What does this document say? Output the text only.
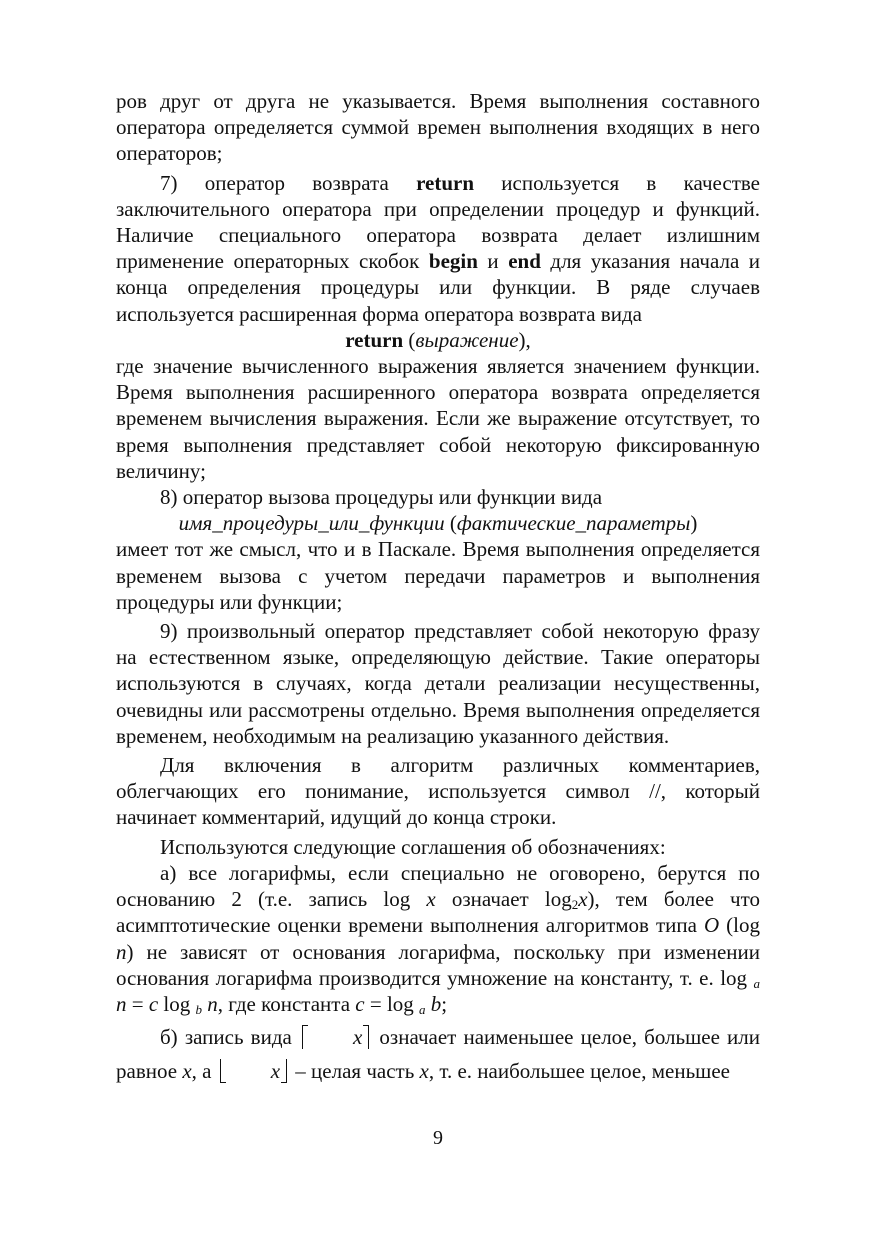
ров друг от друга не указывается. Время выполнения составного оператора определяется суммой времен выполнения входящих в него операторов;

7) оператор возврата return используется в качестве заключительного оператора при определении процедур и функций. Наличие специального оператора возврата делает излишним применение операторных скобок begin и end для указания начала и конца определения процедуры или функции. В ряде случаев используется расширенная форма оператора возврата вида

return (выражение),

где значение вычисленного выражения является значением функции. Время выполнения расширенного оператора возврата определяется временем вычисления выражения. Если же выражение отсутствует, то время выполнения представляет собой некоторую фиксированную величину;

8) оператор вызова процедуры или функции вида

имя_процедуры_или_функции (фактические_параметры)

имеет тот же смысл, что и в Паскале. Время выполнения определяется временем вызова с учетом передачи параметров и выполнения процедуры или функции;

9) произвольный оператор представляет собой некоторую фразу на естественном языке, определяющую действие. Такие операторы используются в случаях, когда детали реализации несущественны, очевидны или рассмотрены отдельно. Время выполнения определяется временем, необходимым на реализацию указанного действия.

Для включения в алгоритм различных комментариев, облегчающих его понимание, используется символ //, который начинает комментарий, идущий до конца строки.

Используются следующие соглашения об обозначениях:

а) все логарифмы, если специально не оговорено, берутся по основанию 2 (т.е. запись log x означает $\log_2x$), тем более что асимптотические оценки времени выполнения алгоритмов типа O (log n) не зависят от основания логарифма, поскольку при изменении основания логарифма производится умножение на константу, т. е. log $_a$ n = c log $_b$ n, где константа c = log $_a$ b;

б) запись вида	x означает наименьшее целое, большее или равное x, а	x – целая часть x, т. е. наибольшее целое, меньшее

9
